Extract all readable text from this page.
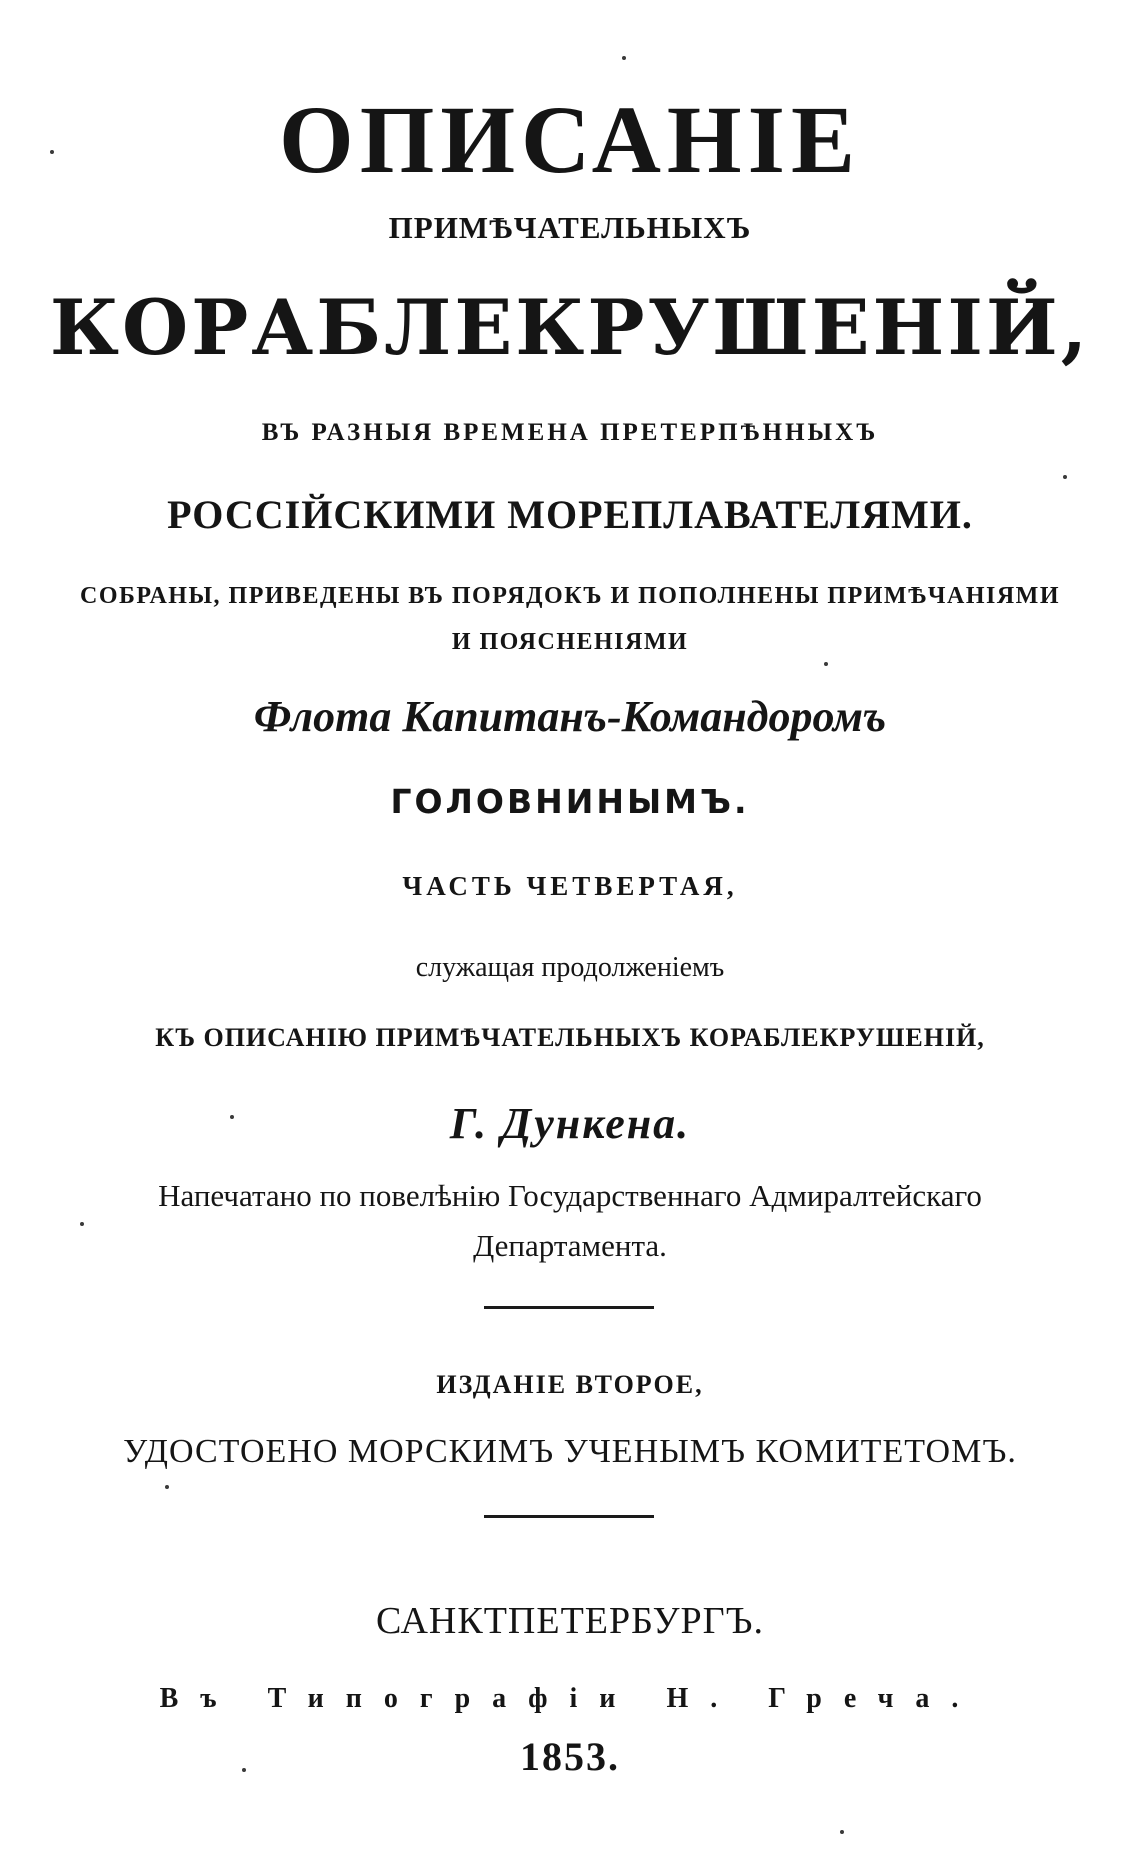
ОПИСАНІЕ
ПРИМѢЧАТЕЛЬНЫХЪ
КОРАБЛЕКРУШЕНІЙ,
ВЪ РАЗНЫЯ ВРЕМЕНА ПРЕТЕРПѢННЫХЪ
РОССІЙСКИМИ МОРЕПЛАВАТЕЛЯМИ.
СОБРАНЫ, ПРИВЕДЕНЫ ВЪ ПОРЯДОКЪ И ПОПОЛНЕНЫ ПРИМѢЧАНІЯМИ
И ПОЯСНЕНІЯМИ
Флота Капитанъ-Командоромъ
ГОЛОВНИНЫМЪ.
ЧАСТЬ ЧЕТВЕРТАЯ,
служащая продолженіемъ
КЪ ОПИСАНІЮ ПРИМѢЧАТЕЛЬНЫХЪ КОРАБЛЕКРУШЕНІЙ,
Г. Дункена.
Напечатано по повелѣнію Государственнаго Адмиралтейскаго
Департамента.
ИЗДАНІЕ ВТОРОЕ,
УДОСТОЕНО МОРСКИМЪ УЧЕНЫМЪ КОМИТЕТОМЪ.
САНКТПЕТЕРБУРГЪ.
Въ Типографіи Н. Греча.
1853.
